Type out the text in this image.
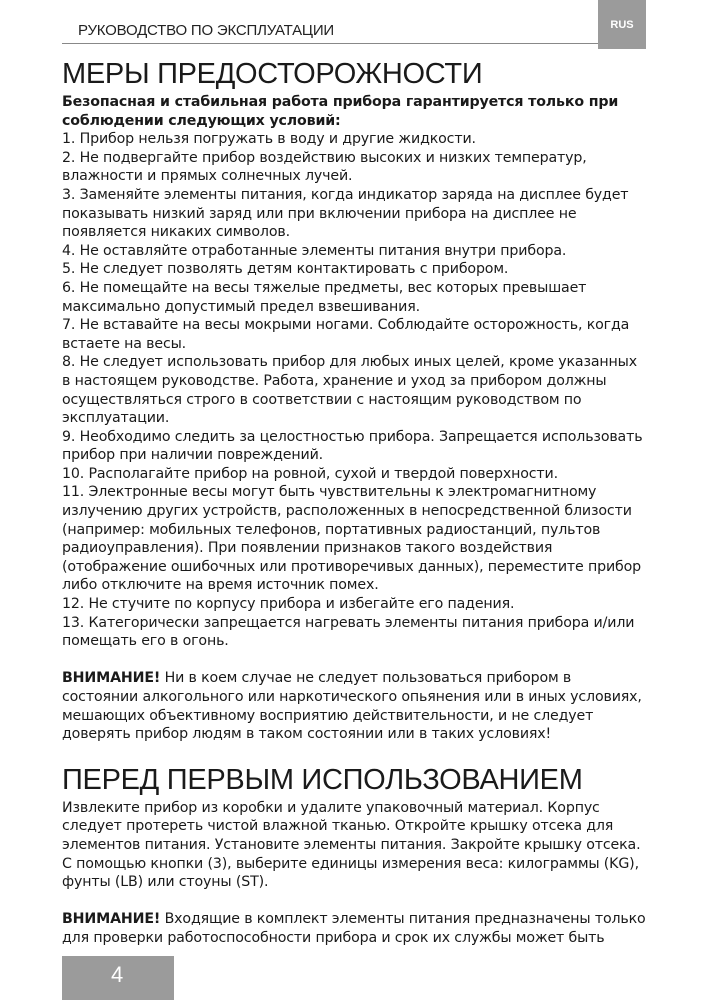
РУКОВОДСТВО ПО ЭКСПЛУАТАЦИИ	RUS
МЕРЫ ПРЕДОСТОРОЖНОСТИ

Безопасная и стабильная работа прибора гарантируется только при соблюдении следующих условий:

1. Прибор нельзя погружать в воду и другие жидкости.

2. Не подвергайте прибор воздействию высоких и низких температур, влажности и прямых солнечных лучей.

3. Заменяйте элементы питания, когда индикатор заряда на дисплее будет показывать низкий заряд или при включении прибора на дисплее не появляется никаких символов.

4. Не оставляйте отработанные элементы питания внутри прибора.

5. Не следует позволять детям контактировать с прибором.

6. Не помещайте на весы тяжелые предметы, вес которых превышает максимально допустимый предел взвешивания.

7. Не вставайте на весы мокрыми ногами. Соблюдайте осторожность, когда встаете на весы.

8. Не следует использовать прибор для любых иных целей, кроме указанных в настоящем руководстве. Работа, хранение и уход за прибором должны осуществляться строго в соответствии с настоящим руководством по эксплуатации.

9. Необходимо следить за целостностью прибора. Запрещается использовать прибор при наличии повреждений.

10. Располагайте прибор на ровной, сухой и твердой поверхности.

11. Электронные весы могут быть чувствительны к электромагнитному излучению других устройств, расположенных в непосредственной близости (например: мобильных телефонов, портативных радиостанций, пультов радиоуправления). При появлении признаков такого воздействия (отображение ошибочных или противоречивых данных), переместите прибор либо отключите на время источник помех.

12. Не стучите по корпусу прибора и избегайте его падения.

13. Категорически запрещается нагревать элементы питания прибора и/или помещать его в огонь.

ВНИМАНИЕ! Ни в коем случае не следует пользоваться прибором в состоянии алкогольного или наркотического опьянения или в иных условиях, мешающих объективному восприятию действительности, и не следует доверять прибор людям в таком состоянии или в таких условиях!

ПЕРЕД ПЕРВЫМ ИСПОЛЬЗОВАНИЕМ

Извлеките прибор из коробки и удалите упаковочный материал. Корпус следует протереть чистой влажной тканью. Откройте крышку отсека для элементов питания. Установите элементы питания. Закройте крышку отсека. С помощью кнопки (3), выберите единицы измерения веса: килограммы (KG), фунты (LB) или стоуны (ST).

ВНИМАНИЕ! Входящие в комплект элементы питания предназначены только для проверки работоспособности прибора и срок их службы может быть

4
